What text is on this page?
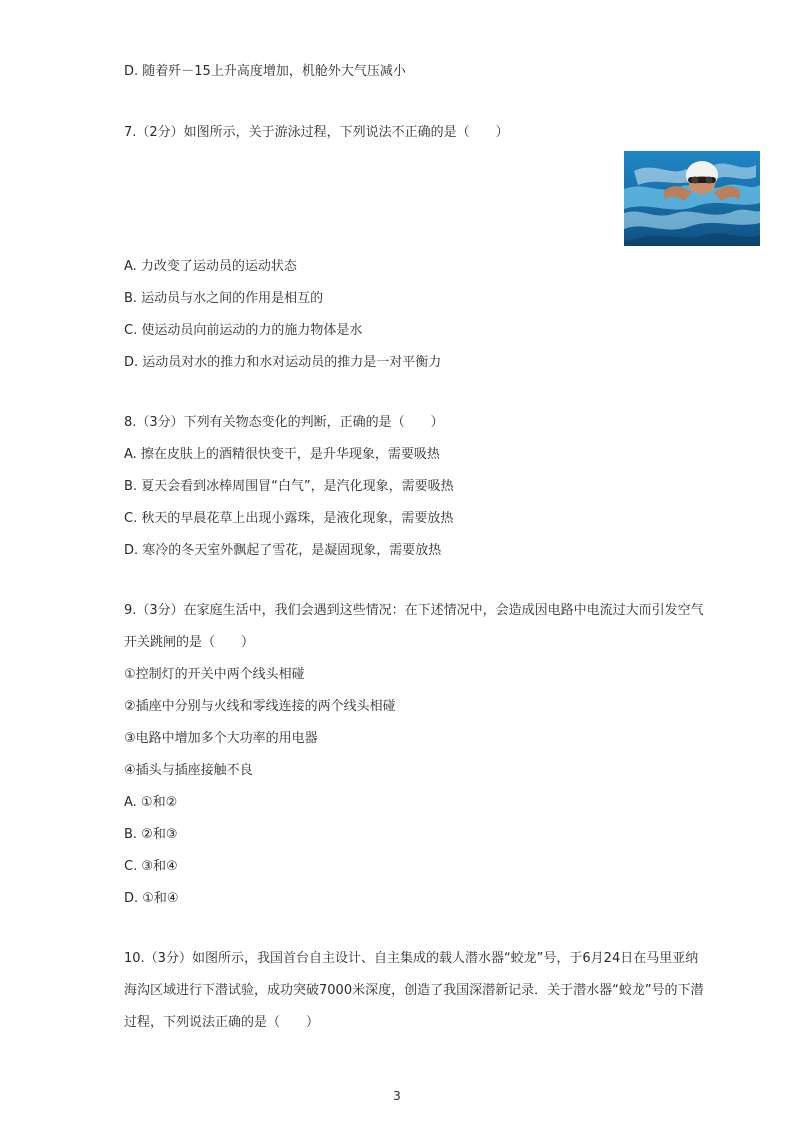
D. 随着歼－15上升高度增加，机舱外大气压减小
7.（2分）如图所示，关于游泳过程，下列说法不正确的是（　　）
A. 力改变了运动员的运动状态
B. 运动员与水之间的作用是相互的
C. 使运动员向前运动的力的施力物体是水
D. 运动员对水的推力和水对运动员的推力是一对平衡力
8.（3分）下列有关物态变化的判断，正确的是（　　）
A. 擦在皮肤上的酒精很快变干，是升华现象，需要吸热
B. 夏天会看到冰棒周围冒“白气”，是汽化现象，需要吸热
C. 秋天的早晨花草上出现小露珠，是液化现象，需要放热
D. 寒冷的冬天室外飘起了雪花，是凝固现象，需要放热
9.（3分）在家庭生活中，我们会遇到这些情况：在下述情况中，会造成因电路中电流过大而引发空气
开关跳闸的是（　　）
①控制灯的开关中两个线头相碰
②插座中分别与火线和零线连接的两个线头相碰
③电路中增加多个大功率的用电器
④插头与插座接触不良
A. ①和②
B. ②和③
C. ③和④
D. ①和④
10.（3分）如图所示，我国首台自主设计、自主集成的载人潜水器“蛟龙”号，于6月24日在马里亚纳
海沟区域进行下潜试验，成功突破7000米深度，创造了我国深潜新记录．关于潜水器“蛟龙”号的下潜
过程，下列说法正确的是（　　）
3
